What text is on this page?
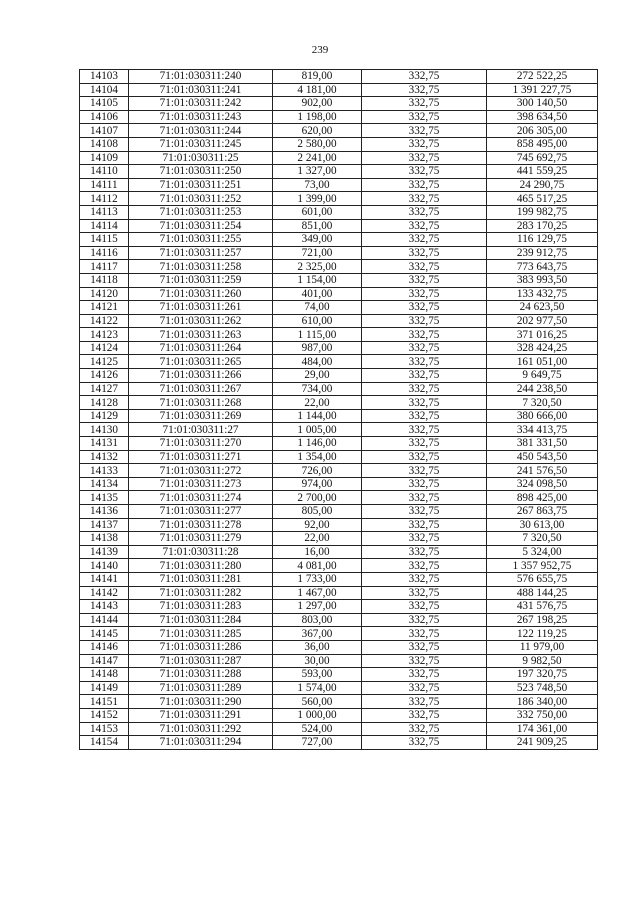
239
14103	71:01:030311:240	819,00	332,75	272 522,25
14104	71:01:030311:241	4 181,00	332,75	1 391 227,75
14105	71:01:030311:242	902,00	332,75	300 140,50
14106	71:01:030311:243	1 198,00	332,75	398 634,50
14107	71:01:030311:244	620,00	332,75	206 305,00
14108	71:01:030311:245	2 580,00	332,75	858 495,00
14109	71:01:030311:25	2 241,00	332,75	745 692,75
14110	71:01:030311:250	1 327,00	332,75	441 559,25
14111	71:01:030311:251	73,00	332,75	24 290,75
14112	71:01:030311:252	1 399,00	332,75	465 517,25
14113	71:01:030311:253	601,00	332,75	199 982,75
14114	71:01:030311:254	851,00	332,75	283 170,25
14115	71:01:030311:255	349,00	332,75	116 129,75
14116	71:01:030311:257	721,00	332,75	239 912,75
14117	71:01:030311:258	2 325,00	332,75	773 643,75
14118	71:01:030311:259	1 154,00	332,75	383 993,50
14120	71:01:030311:260	401,00	332,75	133 432,75
14121	71:01:030311:261	74,00	332,75	24 623,50
14122	71:01:030311:262	610,00	332,75	202 977,50
14123	71:01:030311:263	1 115,00	332,75	371 016,25
14124	71:01:030311:264	987,00	332,75	328 424,25
14125	71:01:030311:265	484,00	332,75	161 051,00
14126	71:01:030311:266	29,00	332,75	9 649,75
14127	71:01:030311:267	734,00	332,75	244 238,50
14128	71:01:030311:268	22,00	332,75	7 320,50
14129	71:01:030311:269	1 144,00	332,75	380 666,00
14130	71:01:030311:27	1 005,00	332,75	334 413,75
14131	71:01:030311:270	1 146,00	332,75	381 331,50
14132	71:01:030311:271	1 354,00	332,75	450 543,50
14133	71:01:030311:272	726,00	332,75	241 576,50
14134	71:01:030311:273	974,00	332,75	324 098,50
14135	71:01:030311:274	2 700,00	332,75	898 425,00
14136	71:01:030311:277	805,00	332,75	267 863,75
14137	71:01:030311:278	92,00	332,75	30 613,00
14138	71:01:030311:279	22,00	332,75	7 320,50
14139	71:01:030311:28	16,00	332,75	5 324,00
14140	71:01:030311:280	4 081,00	332,75	1 357 952,75
14141	71:01:030311:281	1 733,00	332,75	576 655,75
14142	71:01:030311:282	1 467,00	332,75	488 144,25
14143	71:01:030311:283	1 297,00	332,75	431 576,75
14144	71:01:030311:284	803,00	332,75	267 198,25
14145	71:01:030311:285	367,00	332,75	122 119,25
14146	71:01:030311:286	36,00	332,75	11 979,00
14147	71:01:030311:287	30,00	332,75	9 982,50
14148	71:01:030311:288	593,00	332,75	197 320,75
14149	71:01:030311:289	1 574,00	332,75	523 748,50
14151	71:01:030311:290	560,00	332,75	186 340,00
14152	71:01:030311:291	1 000,00	332,75	332 750,00
14153	71:01:030311:292	524,00	332,75	174 361,00
14154	71:01:030311:294	727,00	332,75	241 909,25
